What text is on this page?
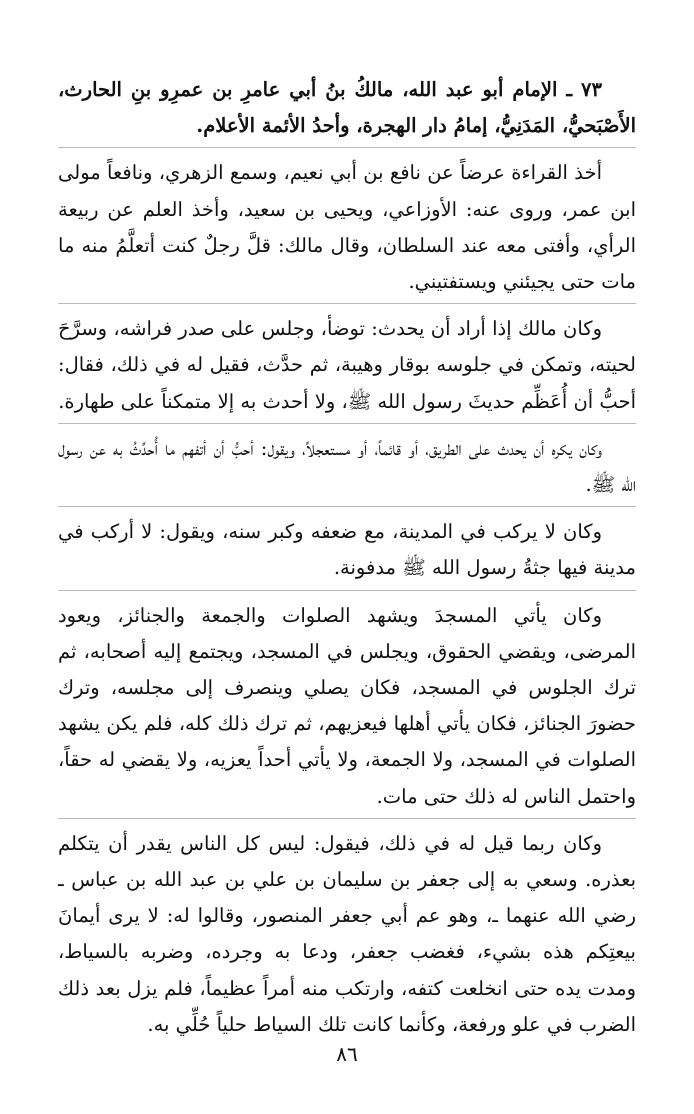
٧٣ ـ الإمام أبو عبد الله، مالكُ بنُ أبي عامرِ بن عمرِو بنِ الحارث، الأَصْبَحيُّ، المَدَنِيُّ، إمامُ دار الهجرة، وأحدُ الأئمة الأعلام.

أخذ القراءة عرضاً عن نافع بن أبي نعيم، وسمع الزهري، ونافعاً مولى ابن عمر، وروى عنه: الأوزاعي، ويحيى بن سعيد، وأخذ العلم عن ربيعة الرأي، وأفتى معه عند السلطان، وقال مالك: قلَّ رجلٌ كنت أتعلَّمُ منه ما مات حتى يجيئني ويستفتيني.

وكان مالك إذا أراد أن يحدث: توضأ، وجلس على صدر فراشه، وسرَّحَ لحيته، وتمكن في جلوسه بوقار وهيبة، ثم حدَّث، فقيل له في ذلك، فقال: أحبُّ أن أُعَظِّم حديثَ رسول الله ﷺ، ولا أحدث به إلا متمكناً على طهارة.

وكان يكره أن يحدث على الطريق، أو قائماً، أو مستعجلاً، ويقول: أحبُّ أن أتفهم ما أُحدِّثُ به عن رسول الله ﷺ.

وكان لا يركب في المدينة، مع ضعفه وكبر سنه، ويقول: لا أركب في مدينة فيها جثةُ رسول الله ﷺ مدفونة.

وكان يأتي المسجدَ ويشهد الصلوات والجمعة والجنائز، ويعود المرضى، ويقضي الحقوق، ويجلس في المسجد، ويجتمع إليه أصحابه، ثم ترك الجلوس في المسجد، فكان يصلي وينصرف إلى مجلسه، وترك حضورَ الجنائز، فكان يأتي أهلها فيعزيهم، ثم ترك ذلك كله، فلم يكن يشهد الصلوات في المسجد، ولا الجمعة، ولا يأتي أحداً يعزيه، ولا يقضي له حقاً، واحتمل الناس له ذلك حتى مات.

وكان ربما قيل له في ذلك، فيقول: ليس كل الناس يقدر أن يتكلم بعذره. وسعي به إلى جعفر بن سليمان بن علي بن عبد الله بن عباس ـ رضي الله عنهما ـ، وهو عم أبي جعفر المنصور، وقالوا له: لا يرى أيمانَ بيعتِكم هذه بشيء، فغضب جعفر، ودعا به وجرده، وضربه بالسياط، ومدت يده حتى انخلعت كتفه، وارتكب منه أمراً عظيماً، فلم يزل بعد ذلك الضرب في علو ورفعة، وكأنما كانت تلك السياط حلياً حُلِّي به.

٨٦
